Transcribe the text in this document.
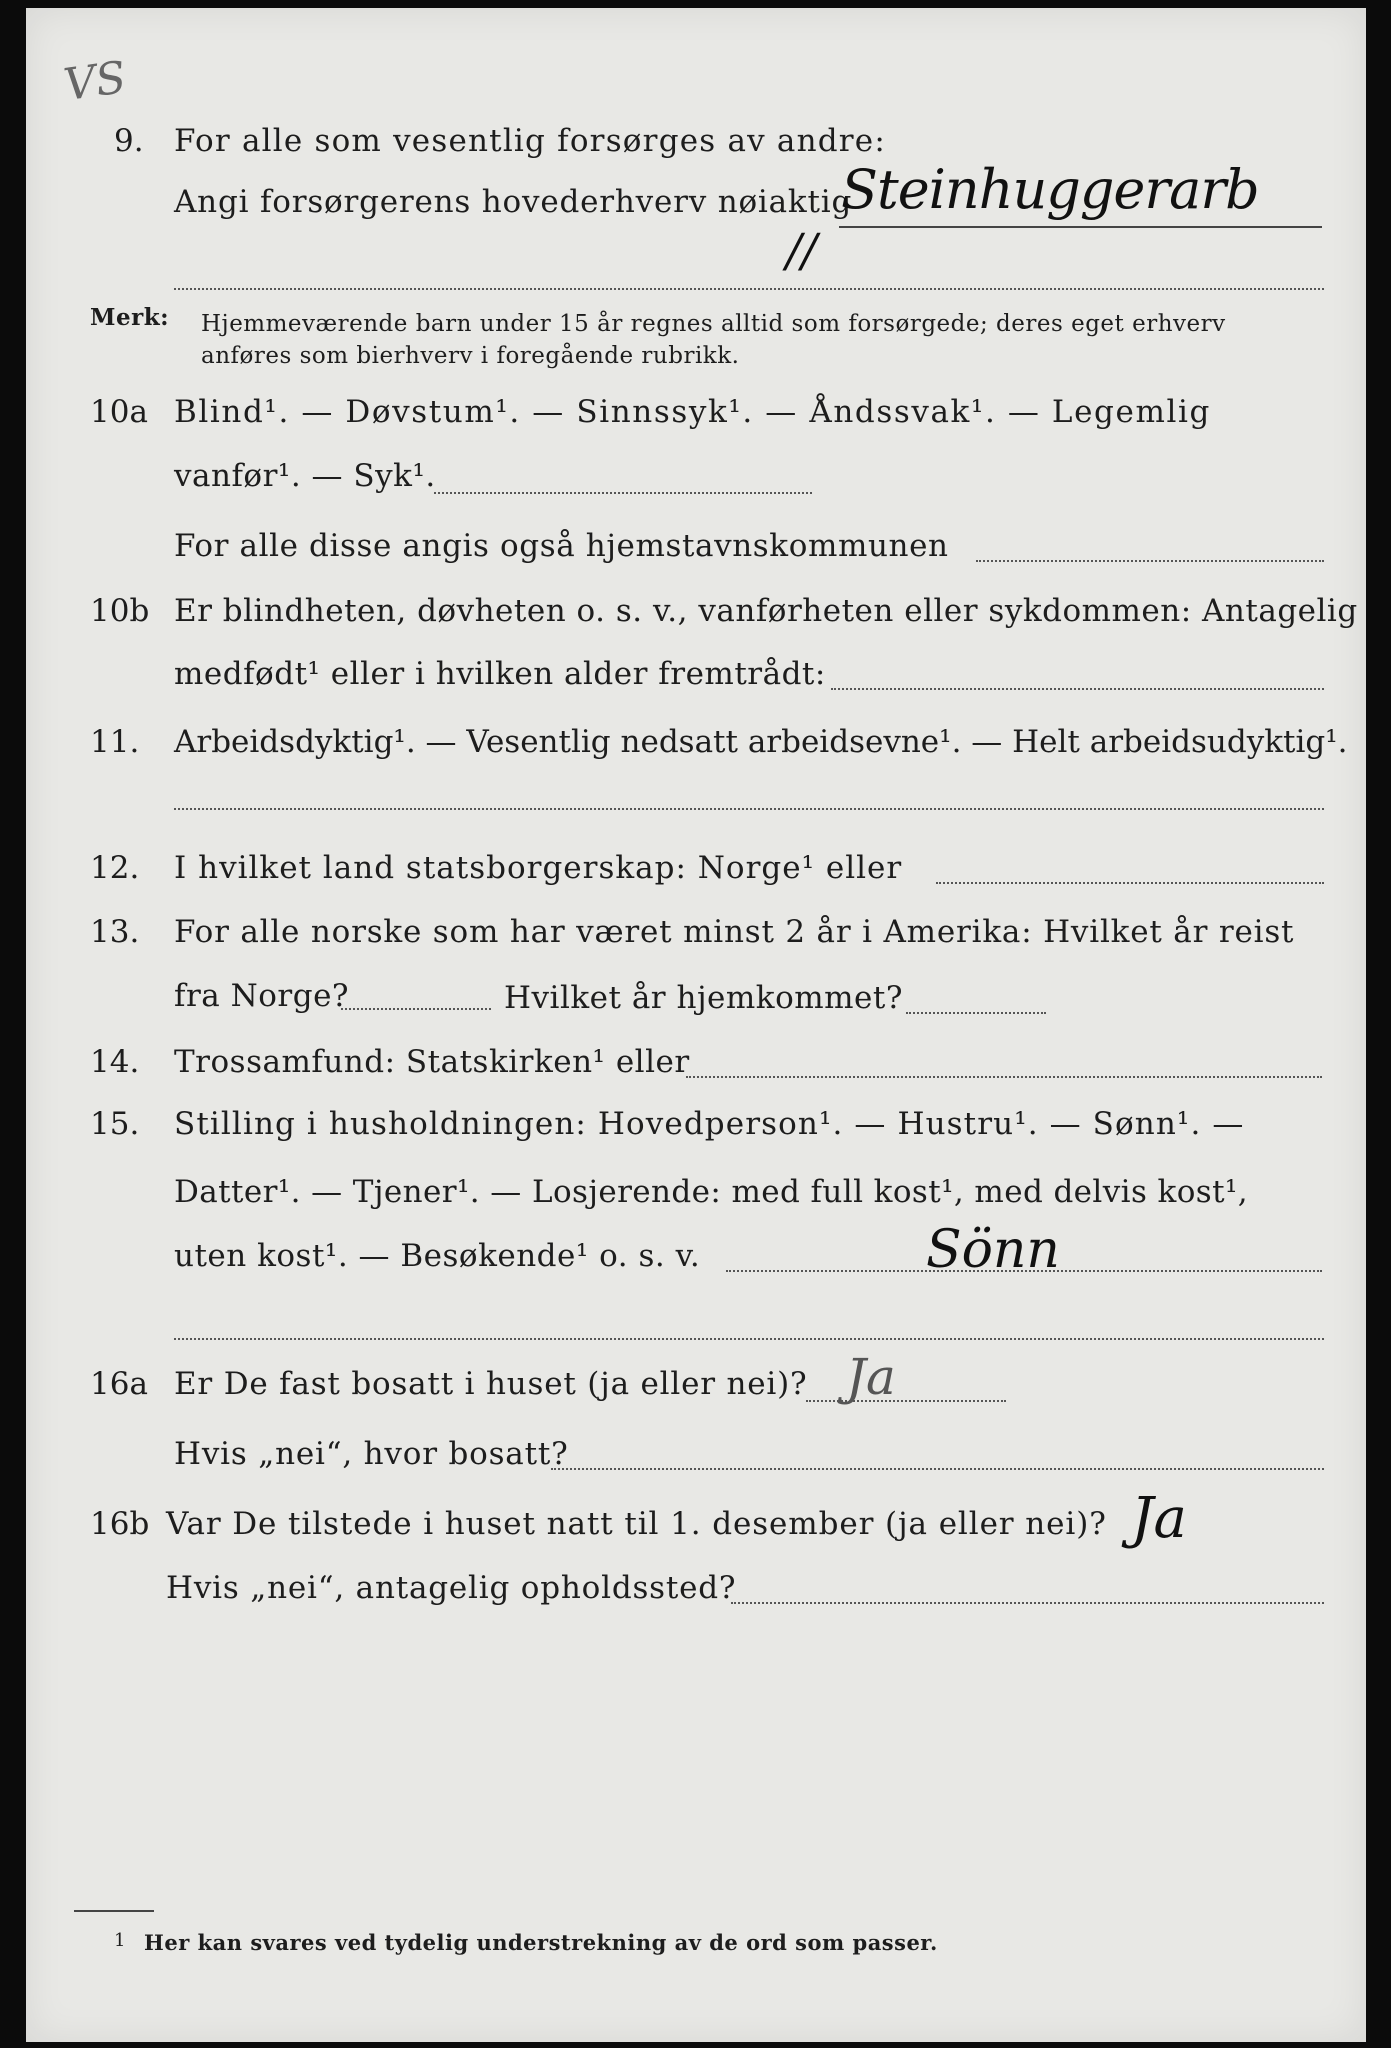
VS
9. For alle som vesentlig forsørges av andre:
Angi forsørgerens hovederhverv nøiaktig
Steinhuggerarb
//
Merk: Hjemmeværende barn under 15 år regnes alltid som forsørgede; deres eget erhverv
anføres som bierhverv i foregående rubrikk.
10a Blind¹. — Døvstum¹. — Sinnssyk¹. — Åndssvak¹. — Legemlig
vanfør¹. — Syk¹.
For alle disse angis også hjemstavnskommunen
10b Er blindheten, døvheten o. s. v., vanførheten eller sykdommen: Antagelig
medfødt¹ eller i hvilken alder fremtrådt:
11. Arbeidsdyktig¹. — Vesentlig nedsatt arbeidsevne¹. — Helt arbeidsudyktig¹.
12. I hvilket land statsborgerskap: Norge¹ eller
13. For alle norske som har været minst 2 år i Amerika: Hvilket år reist
fra Norge?	Hvilket år hjemkommet?
14. Trossamfund: Statskirken¹ eller
15. Stilling i husholdningen: Hovedperson¹. — Hustru¹. — Sønn¹. —
Datter¹. — Tjener¹. — Losjerende: med full kost¹, med delvis kost¹,
uten kost¹. — Besøkende¹ o. s. v.	Sönn
16a Er De fast bosatt i huset (ja eller nei)? Ja
Hvis „nei“, hvor bosatt?
16b Var De tilstede i huset natt til 1. desember (ja eller nei)? Ja
Hvis „nei“, antagelig opholdssted?
1 Her kan svares ved tydelig understrekning av de ord som passer.
